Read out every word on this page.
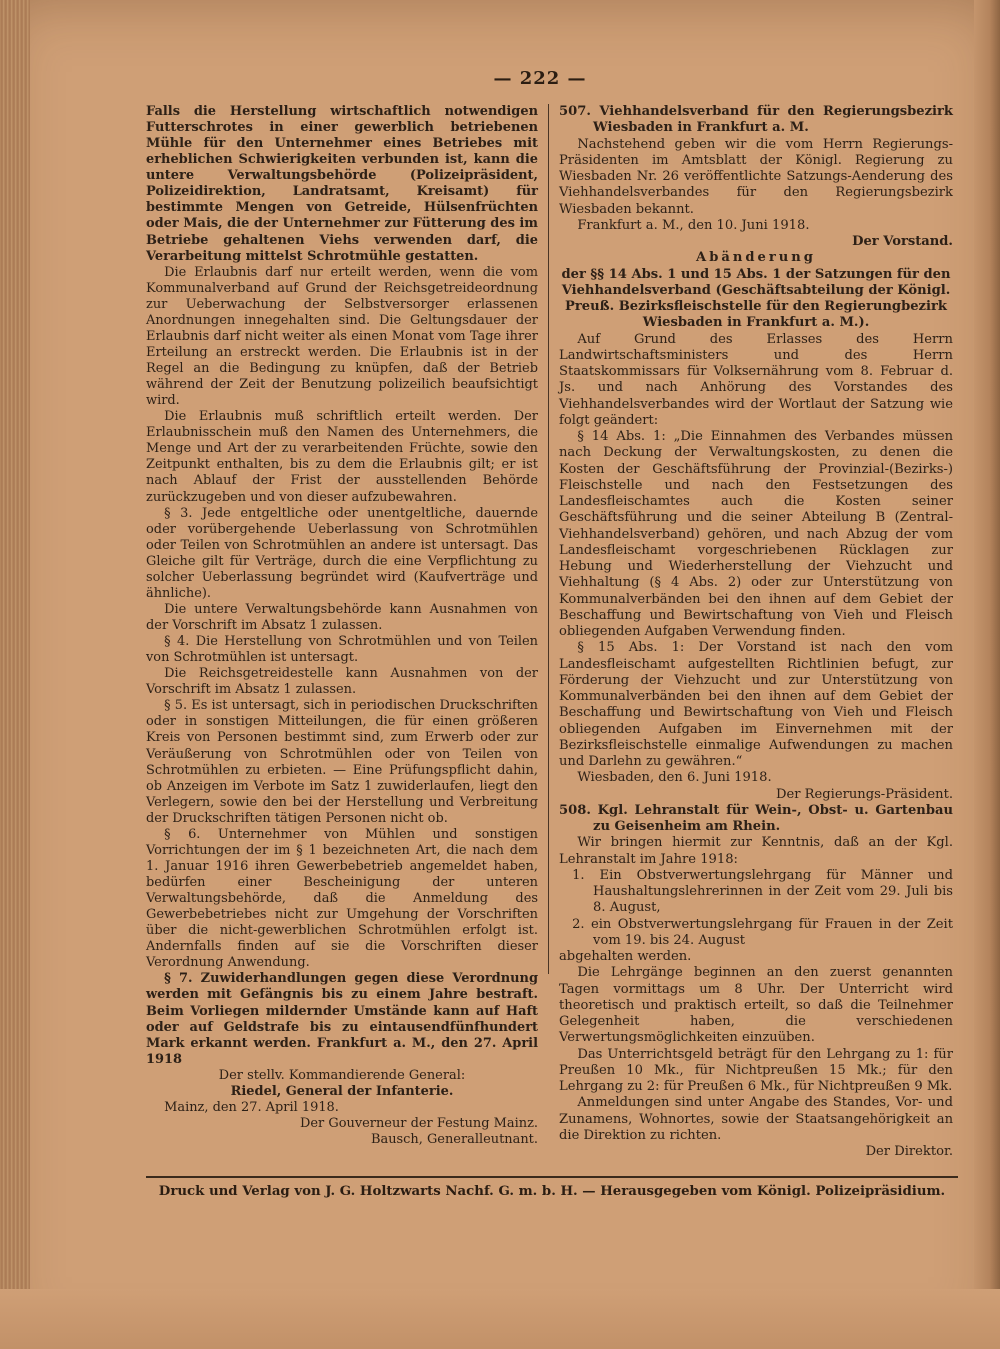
— 222 —

Falls die Herstellung wirtschaftlich notwendigen Futterschrotes in einer gewerblich betriebenen Mühle für den Unternehmer eines Betriebes mit erheblichen Schwierigkeiten verbunden ist, kann die untere Verwaltungsbehörde (Polizeipräsident, Polizeidirektion, Landratsamt, Kreisamt) für bestimmte Mengen von Getreide, Hülsenfrüchten oder Mais, die der Unternehmer zur Fütterung des im Betriebe gehaltenen Viehs verwenden darf, die Verarbeitung mittelst Schrotmühle gestatten.

Die Erlaubnis darf nur erteilt werden, wenn die vom Kommunalverband auf Grund der Reichsgetreideordnung zur Ueberwachung der Selbstversorger erlassenen Anordnungen innegehalten sind. Die Geltungsdauer der Erlaubnis darf nicht weiter als einen Monat vom Tage ihrer Erteilung an erstreckt werden. Die Erlaubnis ist in der Regel an die Bedingung zu knüpfen, daß der Betrieb während der Zeit der Benutzung polizeilich beaufsichtigt wird.

Die Erlaubnis muß schriftlich erteilt werden. Der Erlaubnisschein muß den Namen des Unternehmers, die Menge und Art der zu verarbeitenden Früchte, sowie den Zeitpunkt enthalten, bis zu dem die Erlaubnis gilt; er ist nach Ablauf der Frist der ausstellenden Behörde zurückzugeben und von dieser aufzubewahren.

§ 3. Jede entgeltliche oder unentgeltliche, dauernde oder vorübergehende Ueberlassung von Schrotmühlen oder Teilen von Schrotmühlen an andere ist untersagt. Das Gleiche gilt für Verträge, durch die eine Verpflichtung zu solcher Ueberlassung begründet wird (Kaufverträge und ähnliche).

Die untere Verwaltungsbehörde kann Ausnahmen von der Vorschrift im Absatz 1 zulassen.

§ 4. Die Herstellung von Schrotmühlen und von Teilen von Schrotmühlen ist untersagt.

Die Reichsgetreidestelle kann Ausnahmen von der Vorschrift im Absatz 1 zulassen.

§ 5. Es ist untersagt, sich in periodischen Druckschriften oder in sonstigen Mitteilungen, die für einen größeren Kreis von Personen bestimmt sind, zum Erwerb oder zur Veräußerung von Schrotmühlen oder von Teilen von Schrotmühlen zu erbieten. — Eine Prüfungspflicht dahin, ob Anzeigen im Verbote im Satz 1 zuwiderlaufen, liegt den Verlegern, sowie den bei der Herstellung und Verbreitung der Druckschriften tätigen Personen nicht ob.

§ 6. Unternehmer von Mühlen und sonstigen Vorrichtungen der im § 1 bezeichneten Art, die nach dem 1. Januar 1916 ihren Gewerbebetrieb angemeldet haben, bedürfen einer Bescheinigung der unteren Verwaltungsbehörde, daß die Anmeldung des Gewerbebetriebes nicht zur Umgehung der Vorschriften über die nicht-gewerblichen Schrotmühlen erfolgt ist. Andernfalls finden auf sie die Vorschriften dieser Verordnung Anwendung.

§ 7. Zuwiderhandlungen gegen diese Verordnung werden mit Gefängnis bis zu einem Jahre bestraft. Beim Vorliegen mildernder Umstände kann auf Haft oder auf Geldstrafe bis zu eintausendfünfhundert Mark erkannt werden. Frankfurt a. M., den 27. April 1918

Der stellv. Kommandierende General:

Riedel, General der Infanterie.

Mainz, den 27. April 1918.

Der Gouverneur der Festung Mainz.

Bausch, Generalleutnant.

507. Viehhandelsverband für den Regierungsbezirk Wiesbaden in Frankfurt a. M.

Nachstehend geben wir die vom Herrn Regierungs-Präsidenten im Amtsblatt der Königl. Regierung zu Wiesbaden Nr. 26 veröffentlichte Satzungs-Aenderung des Viehhandelsverbandes für den Regierungsbezirk Wiesbaden bekannt.

Frankfurt a. M., den 10. Juni 1918.

Der Vorstand.

Abänderung

der §§ 14 Abs. 1 und 15 Abs. 1 der Satzungen für den Viehhandelsverband (Geschäftsabteilung der Königl. Preuß. Bezirksfleischstelle für den Regierungbezirk Wiesbaden in Frankfurt a. M.).

Auf Grund des Erlasses des Herrn Landwirtschaftsministers und des Herrn Staatskommissars für Volksernährung vom 8. Februar d. Js. und nach Anhörung des Vorstandes des Viehhandelsverbandes wird der Wortlaut der Satzung wie folgt geändert:

§ 14 Abs. 1: „Die Einnahmen des Verbandes müssen nach Deckung der Verwaltungskosten, zu denen die Kosten der Geschäftsführung der Provinzial-(Bezirks-) Fleischstelle und nach den Festsetzungen des Landesfleischamtes auch die Kosten seiner Geschäftsführung und die seiner Abteilung B (Zentral-Viehhandelsverband) gehören, und nach Abzug der vom Landesfleischamt vorgeschriebenen Rücklagen zur Hebung und Wiederherstellung der Viehzucht und Viehhaltung (§ 4 Abs. 2) oder zur Unterstützung von Kommunalverbänden bei den ihnen auf dem Gebiet der Beschaffung und Bewirtschaftung von Vieh und Fleisch obliegenden Aufgaben Verwendung finden.

§ 15 Abs. 1: Der Vorstand ist nach den vom Landesfleischamt aufgestellten Richtlinien befugt, zur Förderung der Viehzucht und zur Unterstützung von Kommunalverbänden bei den ihnen auf dem Gebiet der Beschaffung und Bewirtschaftung von Vieh und Fleisch obliegenden Aufgaben im Einvernehmen mit der Bezirksfleischstelle einmalige Aufwendungen zu machen und Darlehn zu gewähren.“

Wiesbaden, den 6. Juni 1918.

Der Regierungs-Präsident.

508. Kgl. Lehranstalt für Wein-, Obst- u. Gartenbau zu Geisenheim am Rhein.

Wir bringen hiermit zur Kenntnis, daß an der Kgl. Lehranstalt im Jahre 1918:

1. Ein Obstverwertungslehrgang für Männer und Haushaltungslehrerinnen in der Zeit vom 29. Juli bis 8. August,

2. ein Obstverwertungslehrgang für Frauen in der Zeit vom 19. bis 24. August

abgehalten werden.

Die Lehrgänge beginnen an den zuerst genannten Tagen vormittags um 8 Uhr. Der Unterricht wird theoretisch und praktisch erteilt, so daß die Teilnehmer Gelegenheit haben, die verschiedenen Verwertungsmöglichkeiten einzuüben.

Das Unterrichtsgeld beträgt für den Lehrgang zu 1: für Preußen 10 Mk., für Nichtpreußen 15 Mk.; für den Lehrgang zu 2: für Preußen 6 Mk., für Nichtpreußen 9 Mk.

Anmeldungen sind unter Angabe des Standes, Vor- und Zunamens, Wohnortes, sowie der Staatsangehörigkeit an die Direktion zu richten.

Der Direktor.

Druck und Verlag von J. G. Holtzwarts Nachf. G. m. b. H. — Herausgegeben vom Königl. Polizeipräsidium.
